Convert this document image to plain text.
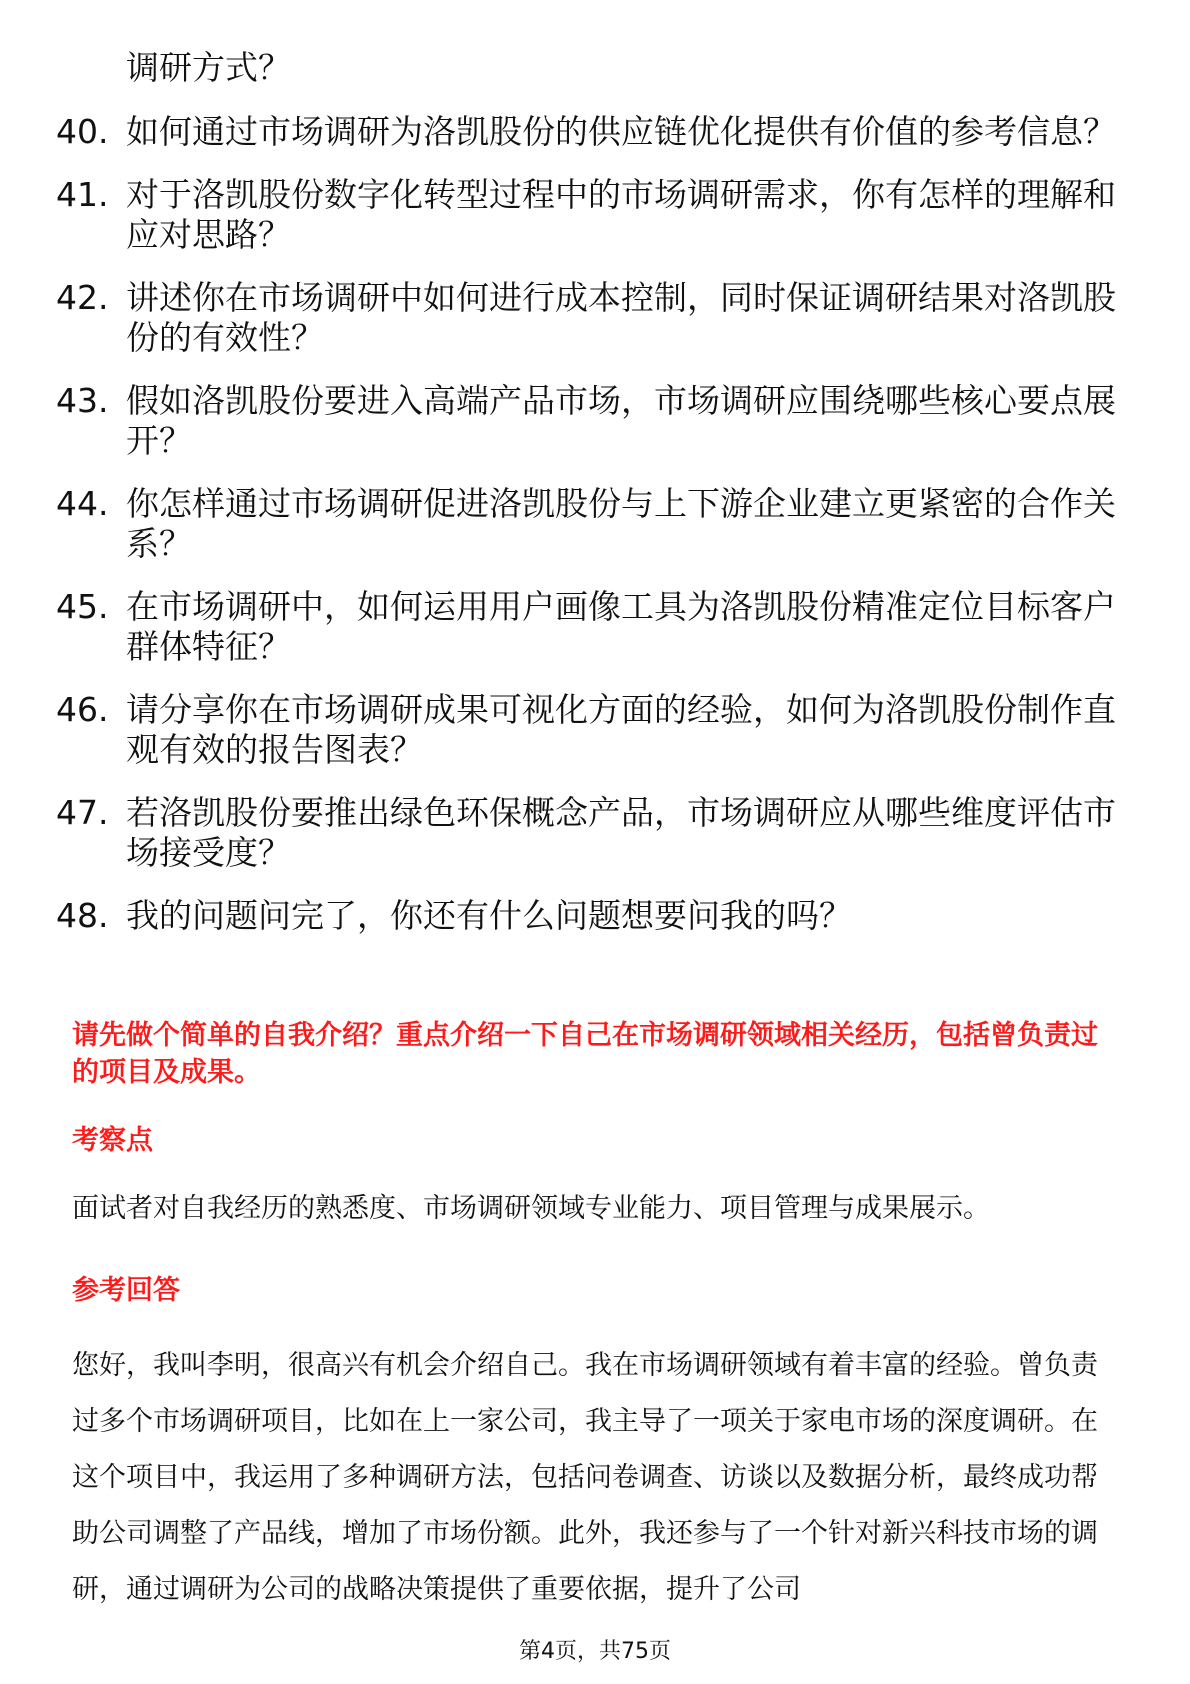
调研方式？
40. 如何通过市场调研为洛凯股份的供应链优化提供有价值的参考信息？
41. 对于洛凯股份数字化转型过程中的市场调研需求，你有怎样的理解和应对思路？
42. 讲述你在市场调研中如何进行成本控制，同时保证调研结果对洛凯股份的有效性？
43. 假如洛凯股份要进入高端产品市场，市场调研应围绕哪些核心要点展开？
44. 你怎样通过市场调研促进洛凯股份与上下游企业建立更紧密的合作关系？
45. 在市场调研中，如何运用用户画像工具为洛凯股份精准定位目标客户群体特征？
46. 请分享你在市场调研成果可视化方面的经验，如何为洛凯股份制作直观有效的报告图表？
47. 若洛凯股份要推出绿色环保概念产品，市场调研应从哪些维度评估市场接受度？
48. 我的问题问完了，你还有什么问题想要问我的吗？
请先做个简单的自我介绍？重点介绍一下自己在市场调研领域相关经历，包括曾负责过的项目及成果。
考察点
面试者对自我经历的熟悉度、市场调研领域专业能力、项目管理与成果展示。
参考回答
您好，我叫李明，很高兴有机会介绍自己。我在市场调研领域有着丰富的经验。曾负责过多个市场调研项目，比如在上一家公司，我主导了一项关于家电市场的深度调研。在这个项目中，我运用了多种调研方法，包括问卷调查、访谈以及数据分析，最终成功帮助公司调整了产品线，增加了市场份额。此外，我还参与了一个针对新兴科技市场的调研，通过调研为公司的战略决策提供了重要依据，提升了公司
第4页，共75页
